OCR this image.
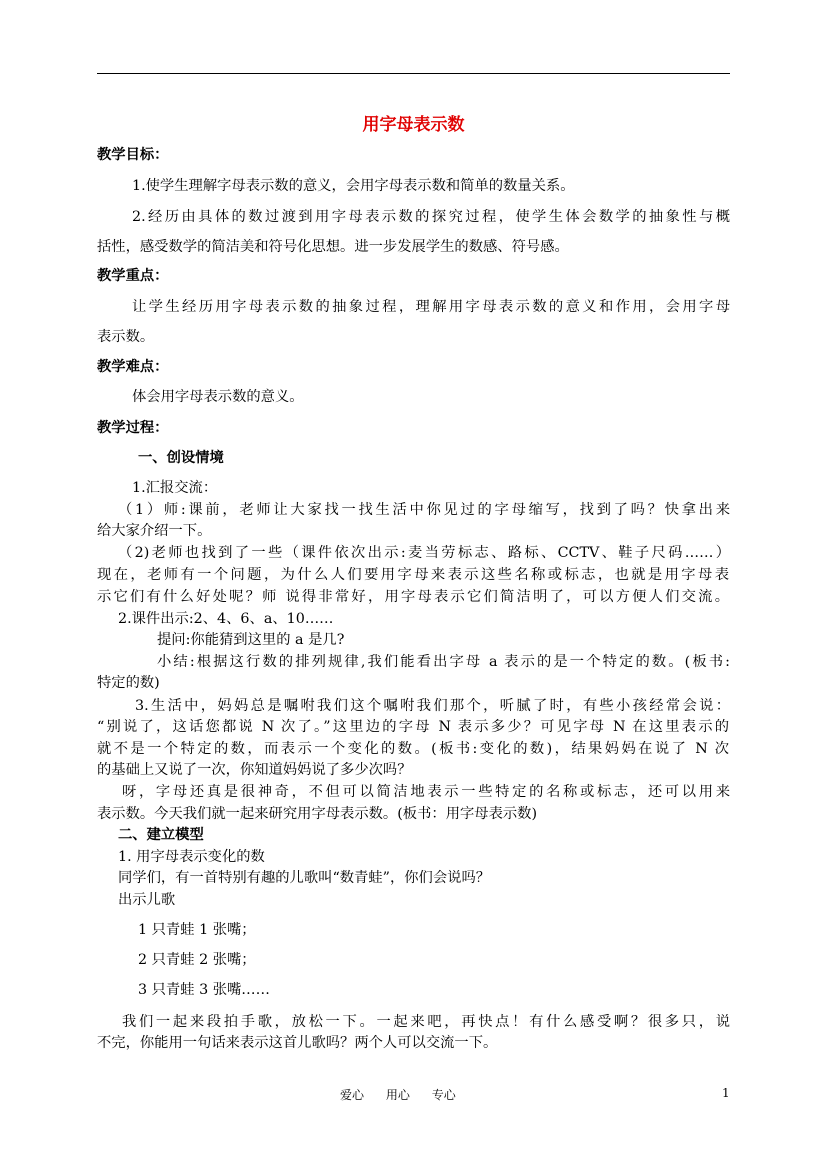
用字母表示数
教学目标：
1.使学生理解字母表示数的意义，会用字母表示数和简单的数量关系。
2.经历由具体的数过渡到用字母表示数的探究过程，使学生体会数学的抽象性与概
括性，感受数学的简洁美和符号化思想。进一步发展学生的数感、符号感。
教学重点：
让学生经历用字母表示数的抽象过程，理解用字母表示数的意义和作用，会用字母
表示数。
教学难点：
体会用字母表示数的意义。
教学过程：
一、创设情境
1.汇报交流：
（1）师:课前，老师让大家找一找生活中你见过的字母缩写，找到了吗？快拿出来
给大家介绍一下。
（2)老师也找到了一些（课件依次出示:麦当劳标志、路标、CCTV、鞋子尺码……）
现在，老师有一个问题，为什么人们要用字母来表示这些名称或标志，也就是用字母表
示它们有什么好处呢？师 说得非常好，用字母表示它们简洁明了，可以方便人们交流。
2.课件出示:2、4、6、a、10……
提问:你能猜到这里的 a 是几?
小结:根据这行数的排列规律,我们能看出字母 a 表示的是一个特定的数。(板书:
特定的数)
3.生活中，妈妈总是嘱咐我们这个嘱咐我们那个，听腻了时，有些小孩经常会说：
“别说了，这话您都说 N 次了。”这里边的字母 N 表示多少？可见字母 N 在这里表示的
就不是一个特定的数，而表示一个变化的数。(板书:变化的数)，结果妈妈在说了 N 次
的基础上又说了一次，你知道妈妈说了多少次吗？
呀，字母还真是很神奇，不但可以简洁地表示一些特定的名称或标志，还可以用来
表示数。今天我们就一起来研究用字母表示数。(板书：用字母表示数)
二、建立模型
1. 用字母表示变化的数
同学们，有一首特别有趣的儿歌叫“数青蛙”，你们会说吗？
出示儿歌
1 只青蛙 1 张嘴；
2 只青蛙 2 张嘴；
3 只青蛙 3 张嘴……
我们一起来段拍手歌，放松一下。一起来吧，再快点！有什么感受啊？很多只，说
不完，你能用一句话来表示这首儿歌吗？两个人可以交流一下。
爱心 用心 专心	1
